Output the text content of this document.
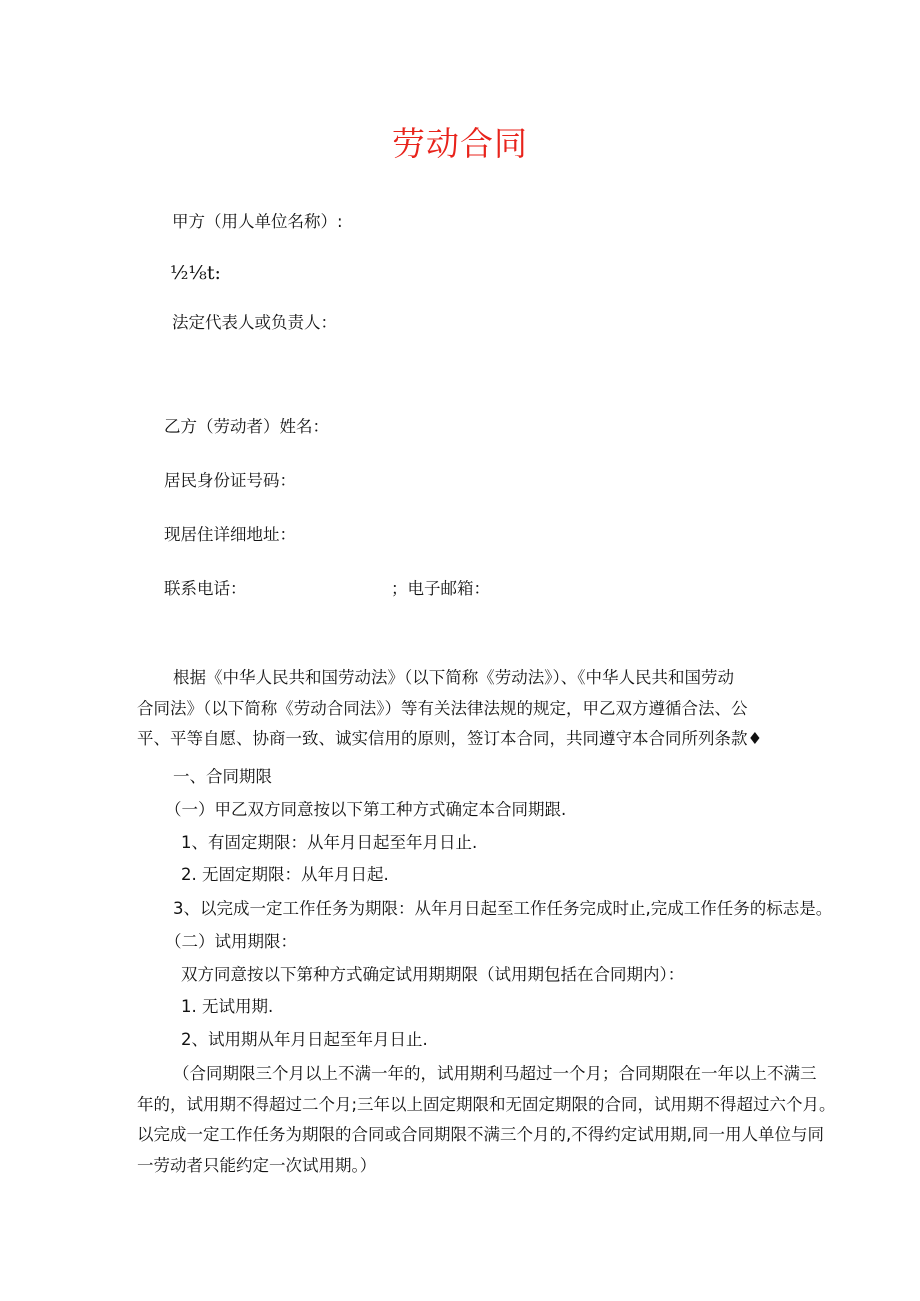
劳动合同
甲方（用人单位名称）:
½⅛t:
法定代表人或负责人：
乙方（劳动者）姓名：
居民身份证号码：
现居住详细地址：
联系电话：	；电子邮箱：
根据《中华人民共和国劳动法》（以下简称《劳动法》）、《中华人民共和国劳动
合同法》（以下简称《劳动合同法》）等有关法律法规的规定，甲乙双方遵循合法、公
平、平等自愿、协商一致、诚实信用的原则，签订本合同，共同遵守本合同所列条款♦
一、合同期限
（一）甲乙双方同意按以下第工种方式确定本合同期跟.
1、有固定期限：从年月日起至年月日止.
2. 无固定期限：从年月日起.
3、以完成一定工作任务为期限：从年月日起至工作任务完成时止,完成工作任务的标志是。
（二）试用期限：
双方同意按以下第种方式确定试用期期限（试用期包括在合同期内）：
1. 无试用期.
2、试用期从年月日起至年月日止.
（合同期限三个月以上不满一年的，试用期利马超过一个月；合同期限在一年以上不满三
年的，试用期不得超过二个月;三年以上固定期限和无固定期限的合同，试用期不得超过六个月。
以完成一定工作任务为期限的合同或合同期限不满三个月的,不得约定试用期,同一用人单位与同
一劳动者只能约定一次试用期。）
